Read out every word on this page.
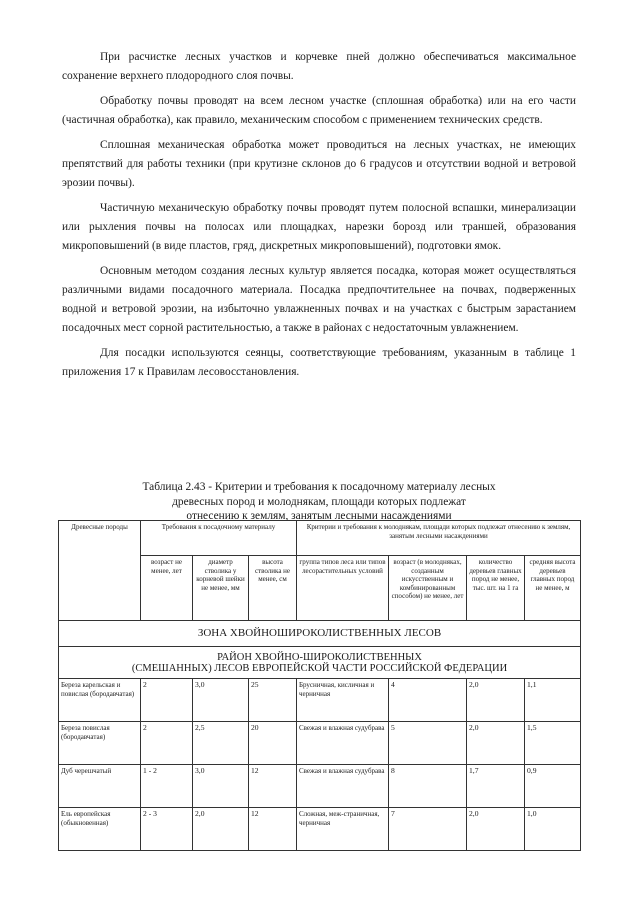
При расчистке лесных участков и корчевке пней должно обеспечиваться максимальное сохранение верхнего плодородного слоя почвы.

Обработку почвы проводят на всем лесном участке (сплошная обработка) или на его части (частичная обработка), как правило, механическим способом с применением технических средств.

Сплошная механическая обработка может проводиться на лесных участках, не имеющих препятствий для работы техники (при крутизне склонов до 6 градусов и отсутствии водной и ветровой эрозии почвы).

Частичную механическую обработку почвы проводят путем полосной вспашки, минерализации или рыхления почвы на полосах или площадках, нарезки борозд или траншей, образования микроповышений (в виде пластов, гряд, дискретных микроповышений), подготовки ямок.

Основным методом создания лесных культур является посадка, которая может осуществляться различными видами посадочного материала. Посадка предпочтительнее на почвах, подверженных водной и ветровой эрозии, на избыточно увлажненных почвах и на участках с быстрым зарастанием посадочных мест сорной растительностью, а также в районах с недостаточным увлажнением.

Для посадки используются сеянцы, соответствующие требованиям, указанным в таблице 1 приложения 17 к Правилам лесовосстановления.

Таблица 2.43 - Критерии и требования к посадочному материалу лесных
древесных пород и молоднякам, площади которых подлежат
отнесению к землям, занятым лесными насаждениями
Древесные породы	Требования к посадочному материалу			Критерии и требования к молоднякам, площади которых подлежат отнесению к землям, занятым лесными насаждениями			
	возраст не менее, лет	диаметр стволика у корневой шейки не менее, мм	высота стволика не менее, см	группа типов леса или типов лесорастительных условий	возраст (в молодняках, созданным искусственным и комбинированным способом) не менее, лет	количество деревьев главных пород не менее, тыс. шт. на 1 га	средняя высота деревьев главных пород не менее, м
ЗОНА ХВОЙНОШИРОКОЛИСТВЕННЫХ ЛЕСОВ							

РАЙОН ХВОЙНО-ШИРОКОЛИСТВЕННЫХ
(СМЕШАННЫХ) ЛЕСОВ ЕВРОПЕЙСКОЙ ЧАСТИ РОССИЙСКОЙ ФЕДЕРАЦИИ							

Береза карельская и повислая (бородавчатая)	2	3,0	25	Брусничная, кисличная и черничная	4	2,0	1,1
Береза повислая (бородавчатая)	2	2,5	20	Свежая и влажная судубрава	5	2,0	1,5
Дуб черешчатый	1 - 2	3,0	12	Свежая и влажная судубрава	8	1,7	0,9
Ель европейская (обыкновенная)	2 - 3	2,0	12	Сложная, меж-страничная, черничная	7	2,0	1,0
